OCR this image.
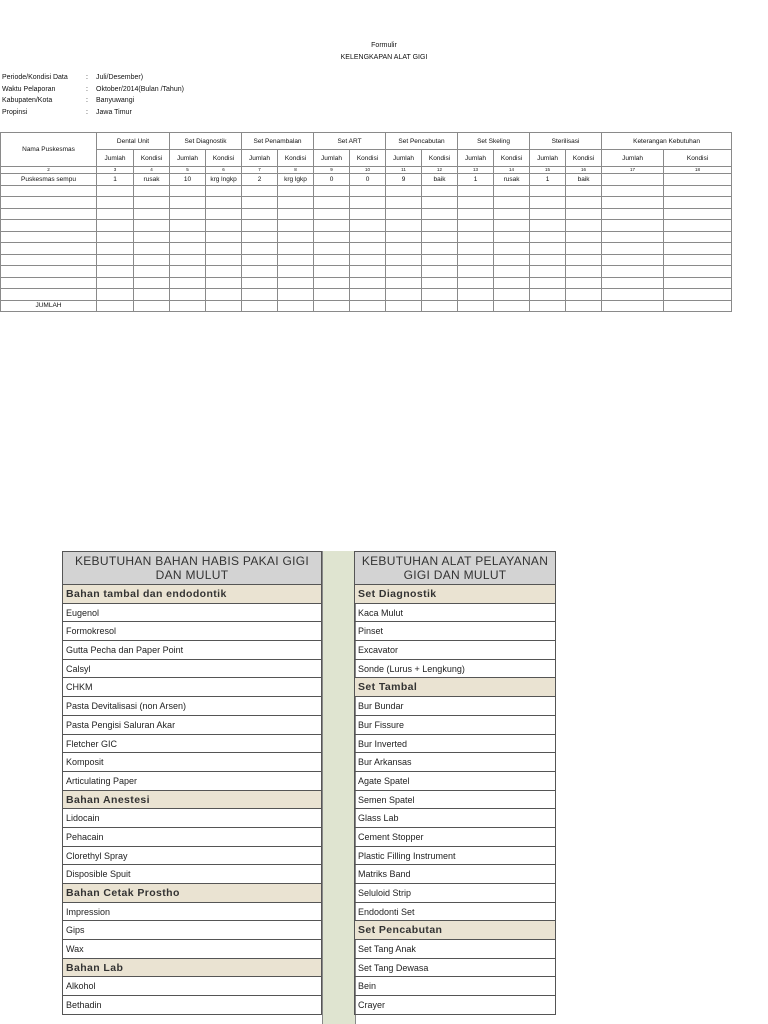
Formulir
KELENGKAPAN ALAT GIGI
Periode/Kondisi Data	:	Juli/Desember)
Waktu Pelaporan	:	Oktober/2014(Bulan /Tahun)
Kabupaten/Kota	:	Banyuwangi
Propinsi	:	Jawa Timur
Nama Puskesmas	Dental Unit		Set Diagnostik		Set Penambalan		Set ART		Set Pencabutan		Set Skeling		Sterilisasi		Keterangan Kebutuhan	
	Jumlah	Kondisi	Jumlah	Kondisi	Jumlah	Kondisi	Jumlah	Kondisi	Jumlah	Kondisi	Jumlah	Kondisi	Jumlah	Kondisi	Jumlah	Kondisi
2	3	4	5	6	7	8	9	10	11	12	13	14	15	16	17	18
Puskesmas sempu	1	rusak	10	krg lngkp	2	krg lgkp	0	0	9	baik	1	rusak	1	baik		

JUMLAH																
KEBUTUHAN BAHAN HABIS PAKAI GIGI DAN MULUT
Bahan tambal dan endodontik
Eugenol
Formokresol
Gutta Pecha dan Paper Point
Calsyl
CHKM
Pasta Devitalisasi (non Arsen)
Pasta Pengisi Saluran Akar
Fletcher GIC
Komposit
Articulating Paper
Bahan Anestesi
Lidocain
Pehacain
Clorethyl Spray
Disposible Spuit
Bahan Cetak Prostho
Impression
Gips
Wax
Bahan Lab
Alkohol
Bethadin
KEBUTUHAN ALAT PELAYANAN GIGI DAN MULUT
Set Diagnostik
Kaca Mulut
Pinset
Excavator
Sonde (Lurus + Lengkung)
Set Tambal
Bur Bundar
Bur Fissure
Bur Inverted
Bur Arkansas
Agate Spatel
Semen Spatel
Glass Lab
Cement Stopper
Plastic Filling Instrument
Matriks Band
Seluloid Strip
Endodonti Set
Set Pencabutan
Set Tang Anak
Set Tang Dewasa
Bein
Crayer
